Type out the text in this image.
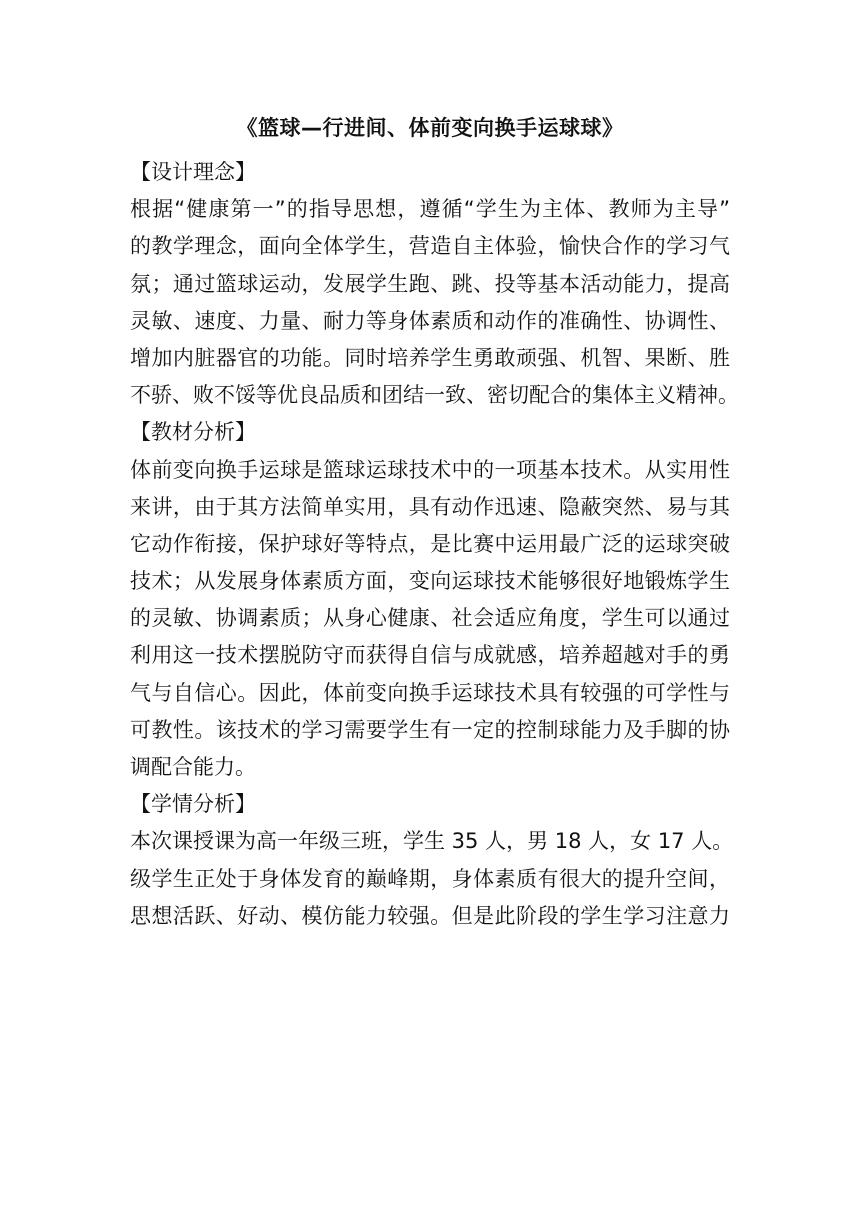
《篮球—行进间、体前变向换手运球球》
【设计理念】
根据“健康第一”的指导思想，遵循“学生为主体、教师为主导”
的教学理念，面向全体学生，营造自主体验，愉快合作的学习气
氛；通过篮球运动，发展学生跑、跳、投等基本活动能力，提高
灵敏、速度、力量、耐力等身体素质和动作的准确性、协调性、
增加内脏器官的功能。同时培养学生勇敢顽强、机智、果断、胜
不骄、败不馁等优良品质和团结一致、密切配合的集体主义精神。
【教材分析】
体前变向换手运球是篮球运球技术中的一项基本技术。从实用性
来讲，由于其方法简单实用，具有动作迅速、隐蔽突然、易与其
它动作衔接，保护球好等特点，是比赛中运用最广泛的运球突破
技术；从发展身体素质方面，变向运球技术能够很好地锻炼学生
的灵敏、协调素质；从身心健康、社会适应角度，学生可以通过
利用这一技术摆脱防守而获得自信与成就感，培养超越对手的勇
气与自信心。因此，体前变向换手运球技术具有较强的可学性与
可教性。该技术的学习需要学生有一定的控制球能力及手脚的协
调配合能力。
【学情分析】
本次课授课为高一年级三班，学生 35 人，男 18 人，女 17 人。
级学生正处于身体发育的巅峰期，身体素质有很大的提升空间，
思想活跃、好动、模仿能力较强。但是此阶段的学生学习注意力
